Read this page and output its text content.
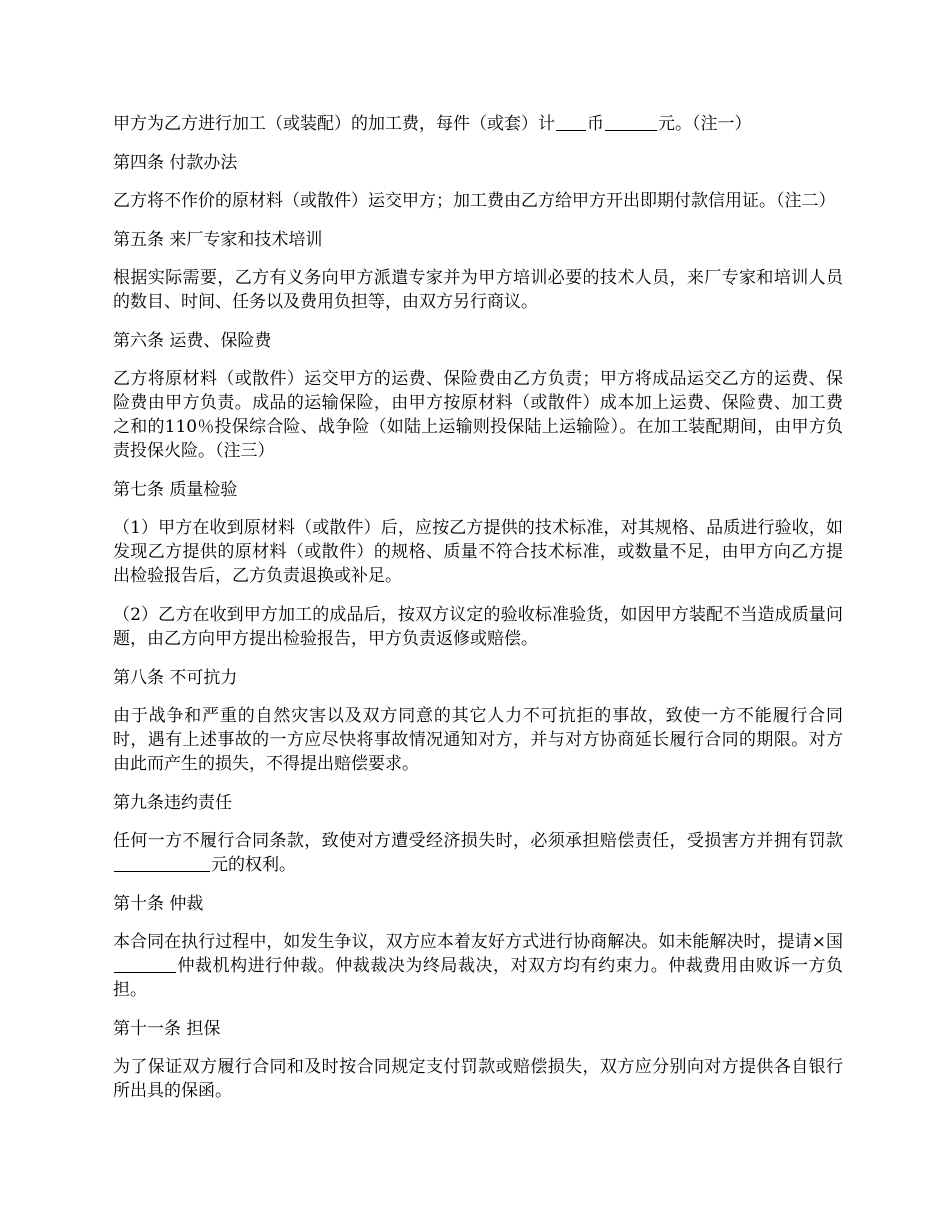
甲方为乙方进行加工（或装配）的加工费，每件（或套）计 币	元。（注一）

第四条 付款办法

乙方将不作价的原材料（或散件）运交甲方；加工费由乙方给甲方开出即期付款信用证。（注二）

第五条 来厂专家和技术培训

根据实际需要，乙方有义务向甲方派遣专家并为甲方培训必要的技术人员，来厂专家和培训人员的数目、时间、任务以及费用负担等，由双方另行商议。

第六条 运费、保险费

乙方将原材料（或散件）运交甲方的运费、保险费由乙方负责；甲方将成品运交乙方的运费、保险费由甲方负责。成品的运输保险，由甲方按原材料（或散件）成本加上运费、保险费、加工费之和的110％投保综合险、战争险（如陆上运输则投保陆上运输险）。在加工装配期间，由甲方负责投保火险。（注三）

第七条 质量检验

（1）甲方在收到原材料（或散件）后，应按乙方提供的技术标准，对其规格、品质进行验收，如发现乙方提供的原材料（或散件）的规格、质量不符合技术标准，或数量不足，由甲方向乙方提出检验报告后，乙方负责退换或补足。

（2）乙方在收到甲方加工的成品后，按双方议定的验收标准验货，如因甲方装配不当造成质量问题，由乙方向甲方提出检验报告，甲方负责返修或赔偿。

第八条 不可抗力

由于战争和严重的自然灾害以及双方同意的其它人力不可抗拒的事故，致使一方不能履行合同时，遇有上述事故的一方应尽快将事故情况通知对方，并与对方协商延长履行合同的期限。对方由此而产生的损失，不得提出赔偿要求。

第九条违约责任

任何一方不履行合同条款，致使对方遭受经济损失时，必须承担赔偿责任，受损害方并拥有罚款元的权利。

第十条 仲裁

本合同在执行过程中，如发生争议，双方应本着友好方式进行协商解决。如未能解决时，提请×国仲裁机构进行仲裁。仲裁裁决为终局裁决，对双方均有约束力。仲裁费用由败诉一方负担。

第十一条 担保

为了保证双方履行合同和及时按合同规定支付罚款或赔偿损失，双方应分别向对方提供各自银行所出具的保函。
